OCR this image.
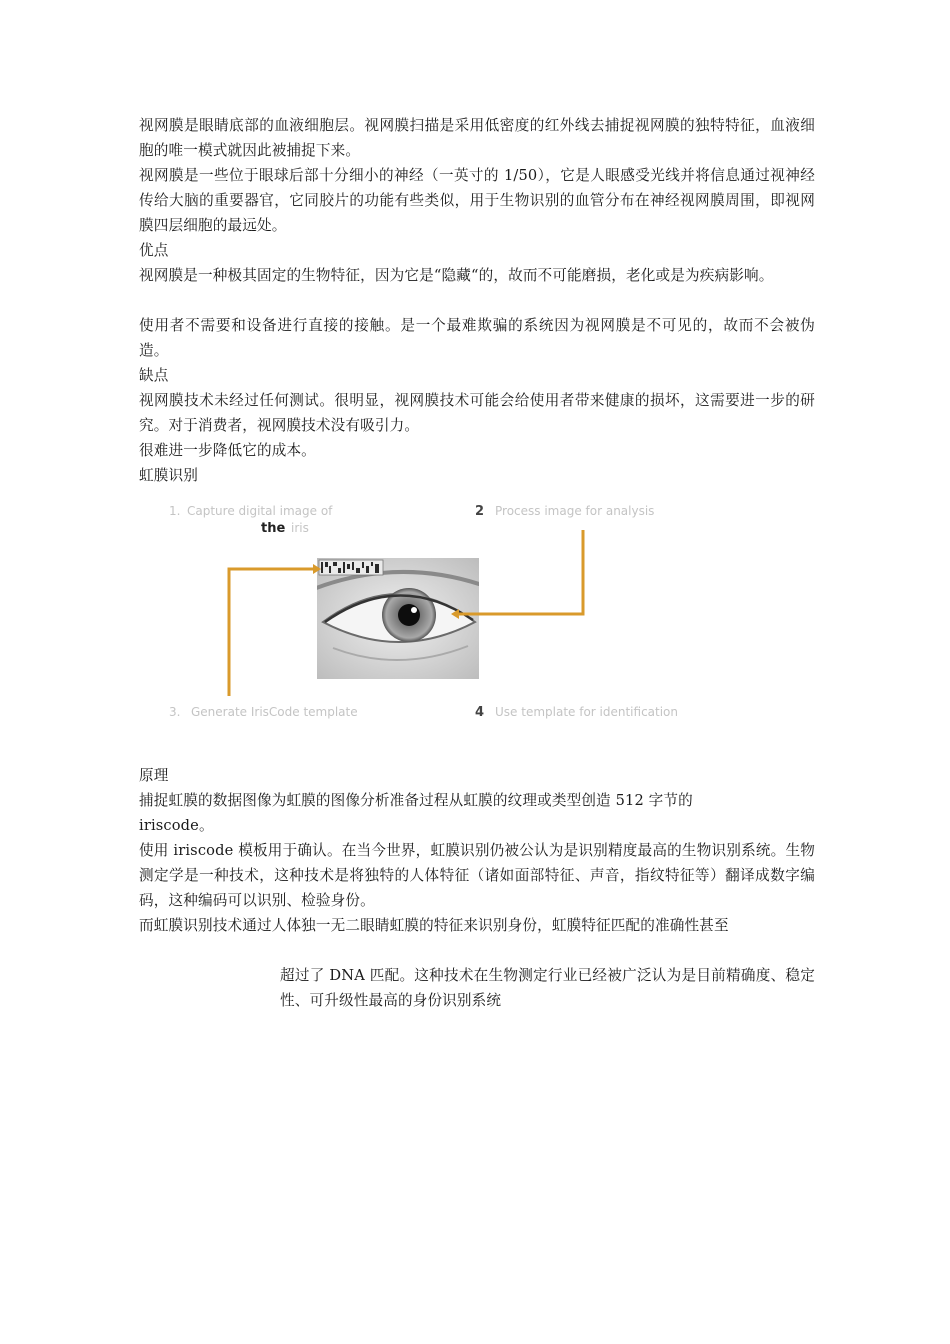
视网膜是眼睛底部的血液细胞层。视网膜扫描是采用低密度的红外线去捕捉视网膜的独特特征，血液细胞的唯一模式就因此被捕捉下来。
视网膜是一些位于眼球后部十分细小的神经（一英寸的 1/50），它是人眼感受光线并将信息通过视神经传给大脑的重要器官，它同胶片的功能有些类似，用于生物识别的血管分布在神经视网膜周围，即视网膜四层细胞的最远处。
优点
视网膜是一种极其固定的生物特征，因为它是“隐藏“的，故而不可能磨损，老化或是为疾病影响。
使用者不需要和设备进行直接的接触。是一个最难欺骗的系统因为视网膜是不可见的，故而不会被伪造。
缺点
视网膜技术未经过任何测试。很明显，视网膜技术可能会给使用者带来健康的损坏，这需要进一步的研究。对于消费者，视网膜技术没有吸引力。
很难进一步降低它的成本。
虹膜识别
1. Capture digital image of
the iris
2 Process image for analysis
3. Generate IrisCode template	4 Use template for identification
原理
捕捉虹膜的数据图像为虹膜的图像分析准备过程从虹膜的纹理或类型创造 512 字节的
iriscode。
使用 iriscode 模板用于确认。在当今世界，虹膜识别仍被公认为是识别精度最高的生物识别系统。生物测定学是一种技术，这种技术是将独特的人体特征（诸如面部特征、声音，指纹特征等）翻译成数字编码，这种编码可以识别、检验身份。
而虹膜识别技术通过人体独一无二眼睛虹膜的特征来识别身份，虹膜特征匹配的准确性甚至
超过了 DNA 匹配。这种技术在生物测定行业已经被广泛认为是目前精确度、稳定性、可升级性最高的身份识别系统
